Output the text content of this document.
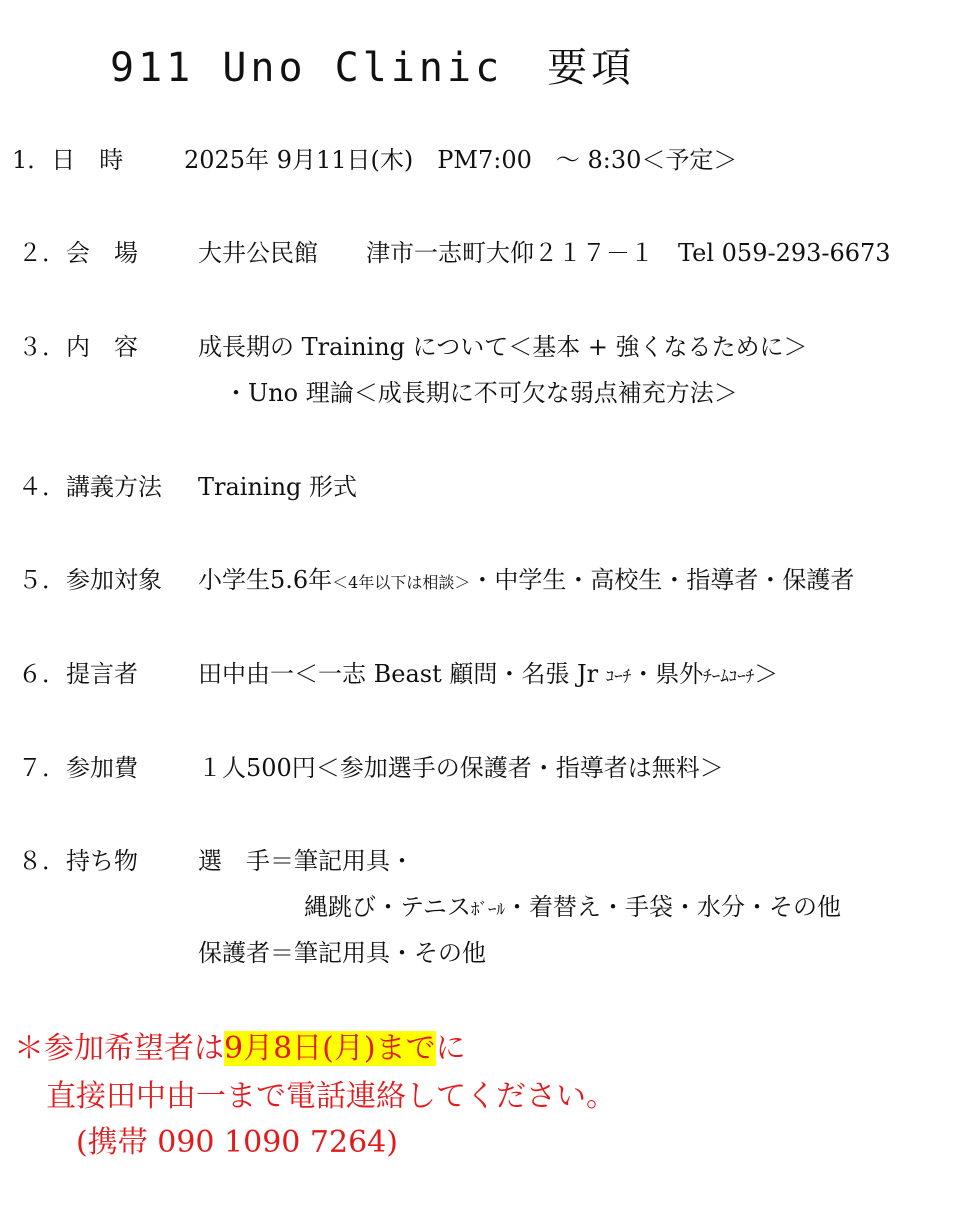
911 Uno Clinic　要項
1．日　時	2025年 9月11日(木)　PM7:00　～ 8:30＜予定＞
２．会　場	大井公民館　　津市一志町大仰２１７－１　Tel 059-293-6673
３．内　容	成長期の Training について＜基本 + 強くなるために＞
・Uno 理論＜成長期に不可欠な弱点補充方法＞
４．講義方法 Training 形式
５．参加対象 小学生5.6年＜4年以下は相談＞・中学生・高校生・指導者・保護者
６．提言者	田中由一＜一志 Beast 顧問・名張 Jr ｺｰﾁ・県外ﾁｰﾑｺｰﾁ＞
７．参加費	１人500円＜参加選手の保護者・指導者は無料＞
８．持ち物	選　手＝筆記用具・
縄跳び・テニスﾎﾞｰﾙ・着替え・手袋・水分・その他
保護者＝筆記用具・その他
＊参加希望者は9月8日(月)までに
直接田中由一まで電話連絡してください。
(携帯 090 1090 7264)
